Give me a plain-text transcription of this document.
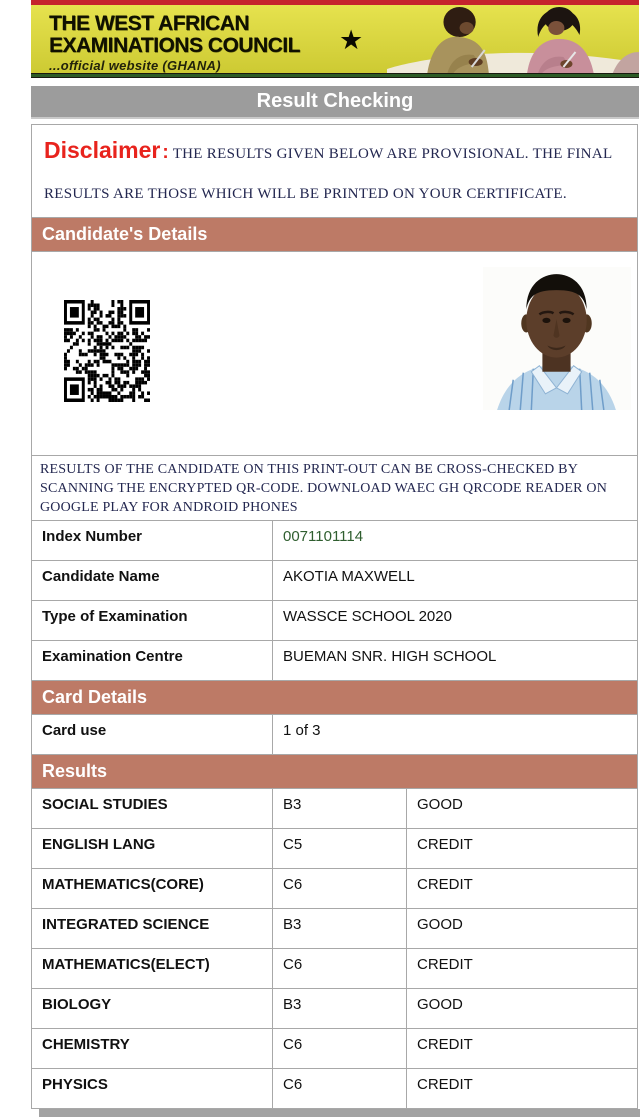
THE WEST AFRICAN
EXAMINATIONS COUNCIL
...official website (GHANA)
★
Result Checking
Disclaimer : THE RESULTS GIVEN BELOW ARE PROVISIONAL. THE FINAL RESULTS ARE THOSE WHICH WILL BE PRINTED ON YOUR CERTIFICATE.		
Candidate's Details		

RESULTS OF THE CANDIDATE ON THIS PRINT-OUT CAN BE CROSS-CHECKED BY SCANNING THE ENCRYPTED QR-CODE. DOWNLOAD WAEC GH QRCODE READER ON GOOGLE PLAY FOR ANDROID PHONES		
Index Number	0071101114	
Candidate Name	AKOTIA MAXWELL	
Type of Examination	WASSCE SCHOOL 2020	
Examination Centre	BUEMAN SNR. HIGH SCHOOL	
Card Details		
Card use	1 of 3	
Results		
SOCIAL STUDIES	B3	GOOD
ENGLISH LANG	C5	CREDIT
MATHEMATICS(CORE)	C6	CREDIT
INTEGRATED SCIENCE	B3	GOOD
MATHEMATICS(ELECT)	C6	CREDIT
BIOLOGY	B3	GOOD
CHEMISTRY	C6	CREDIT
PHYSICS	C6	CREDIT
